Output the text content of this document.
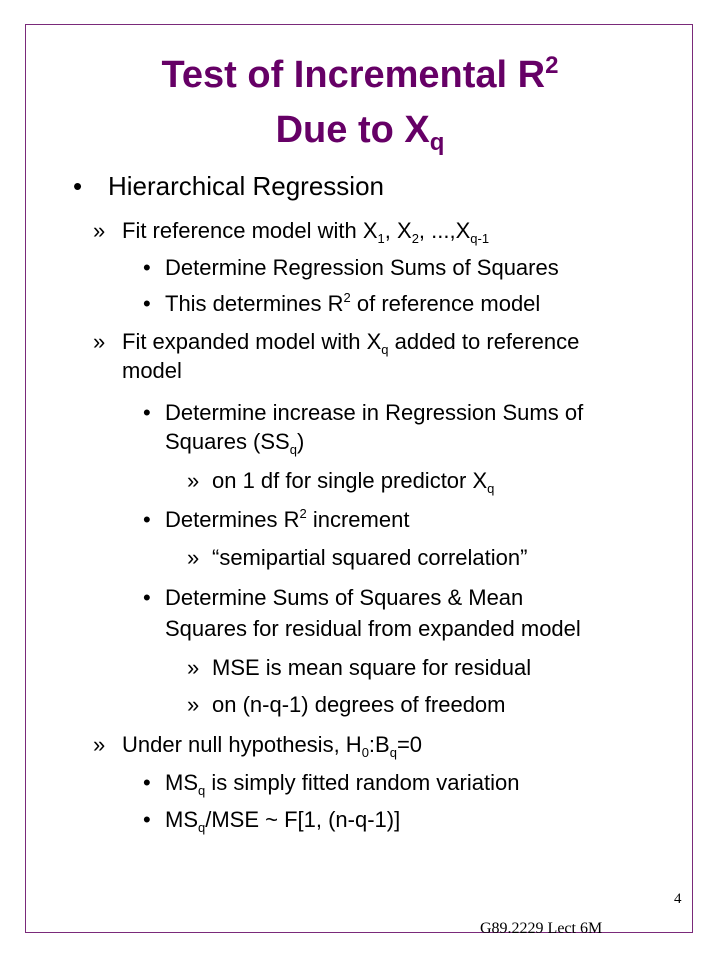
Test of Incremental $R^2$
Due to $X_q$
• Hierarchical Regression
» Fit reference model with $X_1$, $X_2$, $...,X_{q-1}$
• Determine Regression Sums of Squares
• This determines $R^2$ of reference model
» Fit expanded model with $X_q$ added to reference
model
• Determine increase in Regression Sums of
Squares $(SS_q)$
» on 1 df for single predictor $X_q$
• Determines $R^2$ increment
» “semipartial squared correlation”
• Determine Sums of Squares & Mean
Squares for residual from expanded model
» MSE is mean square for residual
» on (n-q-1) degrees of freedom
» Under null hypothesis, $H_0:B_q=0$
• $MS_q$ is simply fitted random variation
• $MS_q$/MSE ~ F[1, (n-q-1)]
G89.2229 Lect 6M
4
